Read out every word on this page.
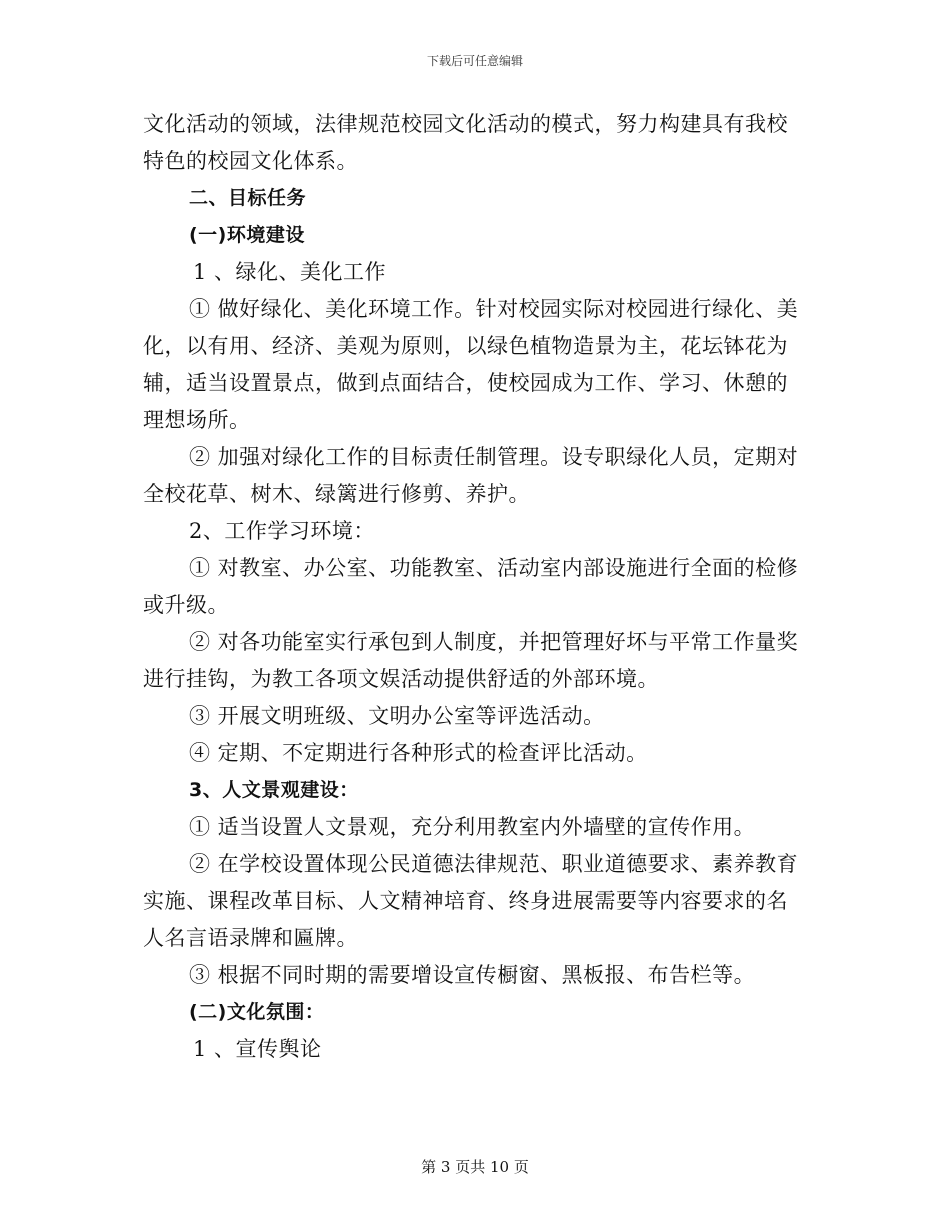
下载后可任意编辑
文化活动的领域，法律规范校园文化活动的模式，努力构建具有我校
特色的校园文化体系。
二、目标任务
(一)环境建设
1 、绿化、美化工作
① 做好绿化、美化环境工作。针对校园实际对校园进行绿化、美
化，以有用、经济、美观为原则，以绿色植物造景为主，花坛钵花为
辅，适当设置景点，做到点面结合，使校园成为工作、学习、休憩的
理想场所。
② 加强对绿化工作的目标责任制管理。设专职绿化人员，定期对
全校花草、树木、绿篱进行修剪、养护。
2、工作学习环境：
① 对教室、办公室、功能教室、活动室内部设施进行全面的检修
或升级。
② 对各功能室实行承包到人制度，并把管理好坏与平常工作量奖
进行挂钩，为教工各项文娱活动提供舒适的外部环境。
③ 开展文明班级、文明办公室等评选活动。
④ 定期、不定期进行各种形式的检查评比活动。
3、人文景观建设：
① 适当设置人文景观，充分利用教室内外墙壁的宣传作用。
② 在学校设置体现公民道德法律规范、职业道德要求、素养教育
实施、课程改革目标、人文精神培育、终身进展需要等内容要求的名
人名言语录牌和匾牌。
③ 根据不同时期的需要增设宣传橱窗、黑板报、布告栏等。
(二)文化氛围：
1 、宣传舆论
第 3 页共 10 页
